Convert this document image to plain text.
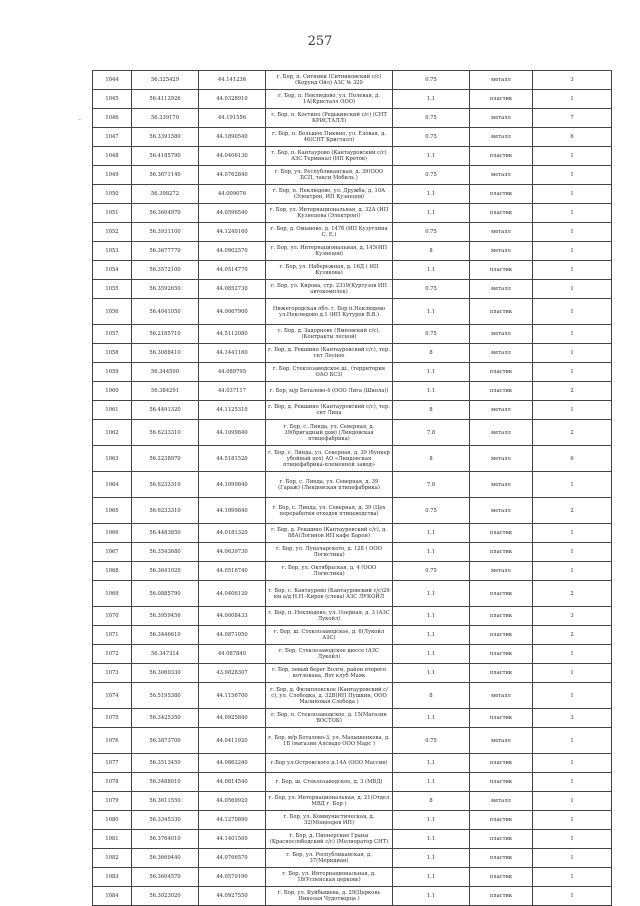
257
–
1044	56.325429	44.141236	г. Бор, п. Ситники (Ситниковский с/с) (Корунд Ойл) АЗС № 320	0.75	металл	3
1045	56.4112926	44.0328910	г. Бор, п. Неклюдово, ул. Полевая, д. 1А(Кристалл ООО)	1.1	пластик	1
1046	56.339170	44.191556	г. Бор, п. Костино (Редькинский с/с) (СНТ КРИСТАЛЛ)	0.75	металл	7
1047	56.3391580	44.1890540	г. Бор, п. Большое Пикино, ул. Еловая, д. 46(СНТ Кристалл)	0.75	металл	6
1048	56.4185790	44.0406130	г. Бор, п. Кантаурово (Кантауровский с/с) АЗС Терминал (ИП Кротов)	1.1	пластик	1
1049	56.3671140	44.0762840	г. Бор, ул. Республиканская, д. 39(ООО БСП, такси Мобиль )	0.75	металл	1
1050	56.398272	44.009076	г. Бор, п. Неклюдово, ул. Дружба, д. 10А (Электрон, ИП Кузнецов)	1.1	пластик	1
1051	56.3604970	44.0596540	г. Бор, ул. Интернациональная, д. 32А (ИП Кузнецова (Электрон))	1.1	пластик	1
1052	56.3931100	44.1240160	г. Бор, д. Омыново, д. 147б (ИП Кузуглина С. Е.)	0.75	металл	1
1053	56.3677770	44.0902570	г. Бор, ул. Интернациональная, д. 145(ИП Кузнецов)	8	металл	1
1054	56.3572100	44.0514770	г. Бор, ул. Набережная, д. 16Д ( ИП Кузякова)	1.1	пластик	1
1055	56.3592650	44.0852730	г. Бор, ул. Кирова, стр. 2319(Куртузов ИП автокомплек)	0.75	металл	1
1056	56.4041050	44.0067900	Нижегородская обл. г. Бор п.Неклюдово ул.Неклюдово д.1 (ИП Кутуров В.В.)	1.1	пластик	1
1057	56.2185710	44.5112080	г. Бор, д. Задорнове (Ямновский с/с), (Контракты лесной)	0.75	металл	1
1058	56.3088410	44.1441160	г. Бор, д. Рекшино (Кантауровский с/с), тер. снт Лесное	8	металл	1
1059	56.344500	44.089795	г. Бор, Стеклозаводское ш., (территория ОАО БСЗ)	1.1	пластик	1
1060	56.384291	44.037117	г. Бор, м/р Боталово-4 (ООО Лига (Школа))	1.1	пластик	2
1061	56.4491320	44.1125310	г. Бор, д. Рекшино (Кантауровский с/с), тер. снт Лица	8	металл	1
1062	56.6233310	44.1099840	г. Бор, с. Линда, ул. Северная, д. 39(бригадный дом) (Линдовская птицефабрика)	7.8	металл	2
1063	56.2238970	44.5181520	г. Бор, с. Линда, ул. Северная, д. 39 (бункер убойный цех) АО «Линдовская птицефабрика-племенной завод»	8	металл	6
1064	56.6233310	44.1099840	г. Бор, с. Линда, ул. Северная, д. 39 (Гараж) (Линдовская птицефабрика)	7.8	металл	1
1065	56.6233310	44.1099840	г. Бор, с. Линда, ул. Северная, д. 39 (Цех переработки отходов птицеводства)	0.75	металл	2
1066	56.4483850	44.0181320	г. Бор, д. Рекшино (Кантауровский с/с), д. 88А(Логинов ИП кафе Барон)	1.1	пластик	1
1067	56.3543680	44.0639730	г. Бор, ул. Луначарского, д. 128 ( ООО Логистика)	1.1	пластик	1
1068	56.3641020	44.0516740	г. Бор, ул. Октябрьская, д. 4 (ООО Логистика)	0.75	металл	1
1069	56.0885790	44.0406120	г. Бор, с. Кантаурово (Кантауровский с/с)29 км а/д Н.Н.-Киров (слева) АЗС ЛУКОЙЛ	1.1	пластик	2
1070	56.3959456	44.0008433	г. Бор, п. Неклюдово, ул. Озерная, д. 3 (АЗС Лукойл)	1.1	пластик	3
1071	56.3446610	44.0871050	г. Бор, ш. Стеклозаводское, д. 6(Лукойл АЗС)	1.1	пластик	2
1072	56.347314	44.087840	г. Бор, Стеклозаводское шоссе (АЗС Лукойл)	1.1	пластик	1
1073	56.3069330	43.9828307	г. Бор, левый берег Волги, район второго котлована, Яхт клуб Маяк	1.1	пластик	1
1074	56.5195380	44.1156700	г. Бор, д. Филипповское (Кантауровский с/с), ул. Слободка, д. 32В(ИП Пушкин, ООО Малиновая Слобода )	8	металл	1
1075	56.3425350	44.0925840	г. Бор, п. Стеклозаводское, д. 15(Магазин ВОСТОК)	1.1	пластик	3
1076	56.3873700	44.0411920	г. Бор, м/р Боталово-3, ул. Малышенкова, д. 1Б (магазин Алсвадо ООО Марс )	0.75	металл	1
1077	56.3513450	44.0862240	г.Бор ул.Островского д.14А (ООО Массив)	1.1	пластик	1
1078	56.3488010	44.0814540	г. Бор, ш. Стеклозаводское, д. 3 (МВД)	1.1	пластик	1
1079	56.3611550	44.0569920	г. Бор, ул. Интернациональная, д. 21(Отдел МВД г. Бор )	8	металл	1
1080	56.3345330	44.1270890	г. Бор, ул. Коммунистическая, д. 32(Мощеедов ИП)	1.1	пластик	1
1081	56.3764010	44.1401500	г. Бор, д. Пионерские Граны (Краснослободский с/с) (Мелиоратор СНТ)	1.1	пластик	1
1082	56.3669440	44.0766570	г. Бор, ул. Республиканская, д. 37(Меридиан)	1.1	пластик	1
1083	56.3604570	44.0570190	г. Бор, ул. Интернациональная, д. 18(Успенская церковь)	1.1	пластик	1
1084	56.3023020	44.0927550	г. Бор, ул. Куйбышева, д. 29(Церковь Николая Чудотворца )	1.1	пластик	1
